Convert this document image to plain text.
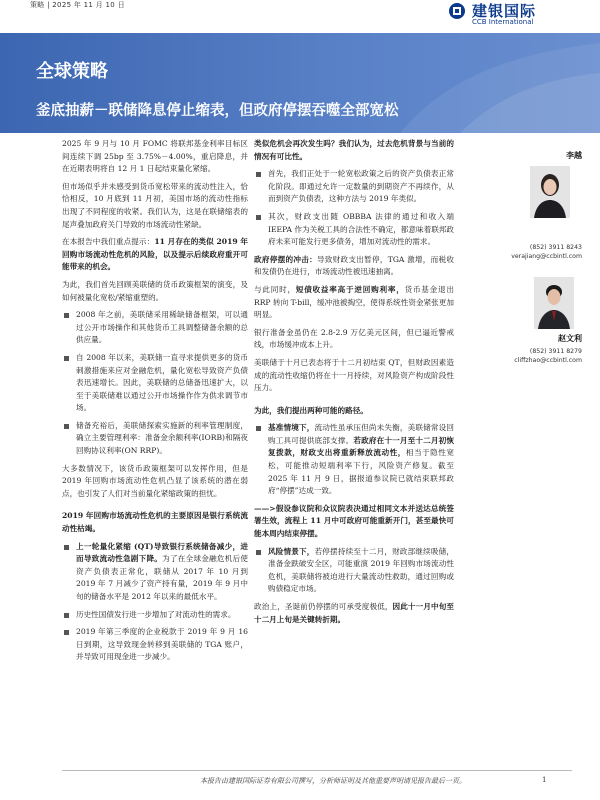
策略 | 2025 年 11 月 10 日	建银国际
CCB International
全球策略
釜底抽薪－联储降息停止缩表，但政府停摆吞噬全部宽松

2025 年 9 月与 10 月 FOMC 将联邦基金利率目标区间连续下调 25bp 至 3.75%－4.00%，重启降息，并在近期表明将自 12 月 1 日起结束量化紧缩。

但市场似乎并未感受到货币宽松带来的流动性注入，恰恰相反，10 月底到 11 月初，美国市场的流动性指标出现了不同程度的收紧。我们认为，这是在联储缩表的尾声叠加政府关门导致的市场流动性紧缺。

在本报告中我们重点提示：11 月存在的类似 2019 年回购市场流动性危机的风险，以及提示后续政府重开可能带来的机会。

为此，我们首先回顾美联储的货币政策框架的演变，及如何被量化宽松/紧缩重塑的。

2008 年之前，美联储采用稀缺储备框架，可以通过公开市场操作和其他货币工具调整储备余额的总供应量。
自 2008 年以来，美联储一直寻求提供更多的货币刺激措施来应对金融危机，量化宽松导致资产负债表迅速增长。因此，美联储的总储备迅速扩大，以至于美联储难以通过公开市场操作作为供求调节市场。
储备充裕后，美联储探索实施新的利率管理制度，确立主要管理利率：准备金余额利率(IORB)和隔夜回购协议利率(ON RRP)。

大多数情况下，该货币政策框架可以发挥作用，但是 2019 年回购市场流动性危机凸显了该系统的潜在弱点，也引发了人们对当前量化紧缩政策的担忧。

2019 年回购市场流动性危机的主要原因是银行系统流动性枯竭。

上一轮量化紧缩 (QT)导致银行系统储备减少，进而导致流动性急剧下降。为了在全球金融危机后使资产负债表正常化，联储从 2017 年 10 月到 2019 年 7 月减少了资产持有量，2019 年 9 月中旬的储备水平是 2012 年以来的最低水平。
历史性国债发行进一步增加了对流动性的需求。
2019 年第三季度的企业税款于 2019 年 9 月 16 日到期，这导致现金转移到美联储的 TGA 账户，并导致可用现金进一步减少。

类似危机会再次发生吗？我们认为，过去危机背景与当前的情况有可比性。

首先，我们正处于一轮宽松政策之后的资产负债表正常化阶段。即通过允许一定数量的到期资产不再续作，从而到资产负债表，这种方法与 2019 年类似。
其次，财政支出随 OBBBA 法律的通过和收入端 IEEPA 作为关税工具的合法性不确定，都意味着联邦政府未来可能发行更多债务，增加对流动性的需求。

政府停摆的冲击：导致财政支出暂停，TGA 激增，而税收和发债仍在进行，市场流动性被迅速抽离。

与此同时，短债收益率高于逆回购利率，货币基金退出 RRP 转向 T-bill，缓冲池被掏空，使得系统性资金紧张更加明显。

银行准备金虽仍在 2.8-2.9 万亿美元区间，但已逼近警戒线，市场缓冲成本上升。

美联储于十月已表态将于十二月初结束 QT，但财政因素造成的流动性收缩仍将在十一月持续，对风险资产构成阶段性压力。

为此，我们提出两种可能的路径。

基准情境下，流动性虽承压但尚未失衡，美联储常设回购工具可提供底部支撑。若政府在十一月至十二月初恢复拨款，财政支出将重新释放流动性，相当于隐性宽松，可能推动短端利率下行，风险资产修复。截至 2025 年 11 月 9 日，据报道参议院已就结束联邦政府“停摆”达成一致。

——>假设参议院和众议院表决通过相同文本并送达总统签署生效，流程上 11 月中可政府可能重新开门，甚至最快可能本周内结束停摆。

风险情景下，若停摆持续至十二月，财政部继续吸储，准备金跌破安全区，可能重演 2019 年回购市场流动性危机，美联储将被迫进行大量流动性救助，通过回购或购债稳定市场。

政治上，圣诞前仍停摆的可承受度极低，因此十一月中旬至十二月上旬是关键转折期。

李越
(852) 3911 8243
verajiang@ccbintl.com
赵文利
(852) 3911 8279
cliffzhao@ccbintl.com
本报告由建银国际证券有限公司撰写，分析师证明及其他重要声明请见报告最后一页。	1
